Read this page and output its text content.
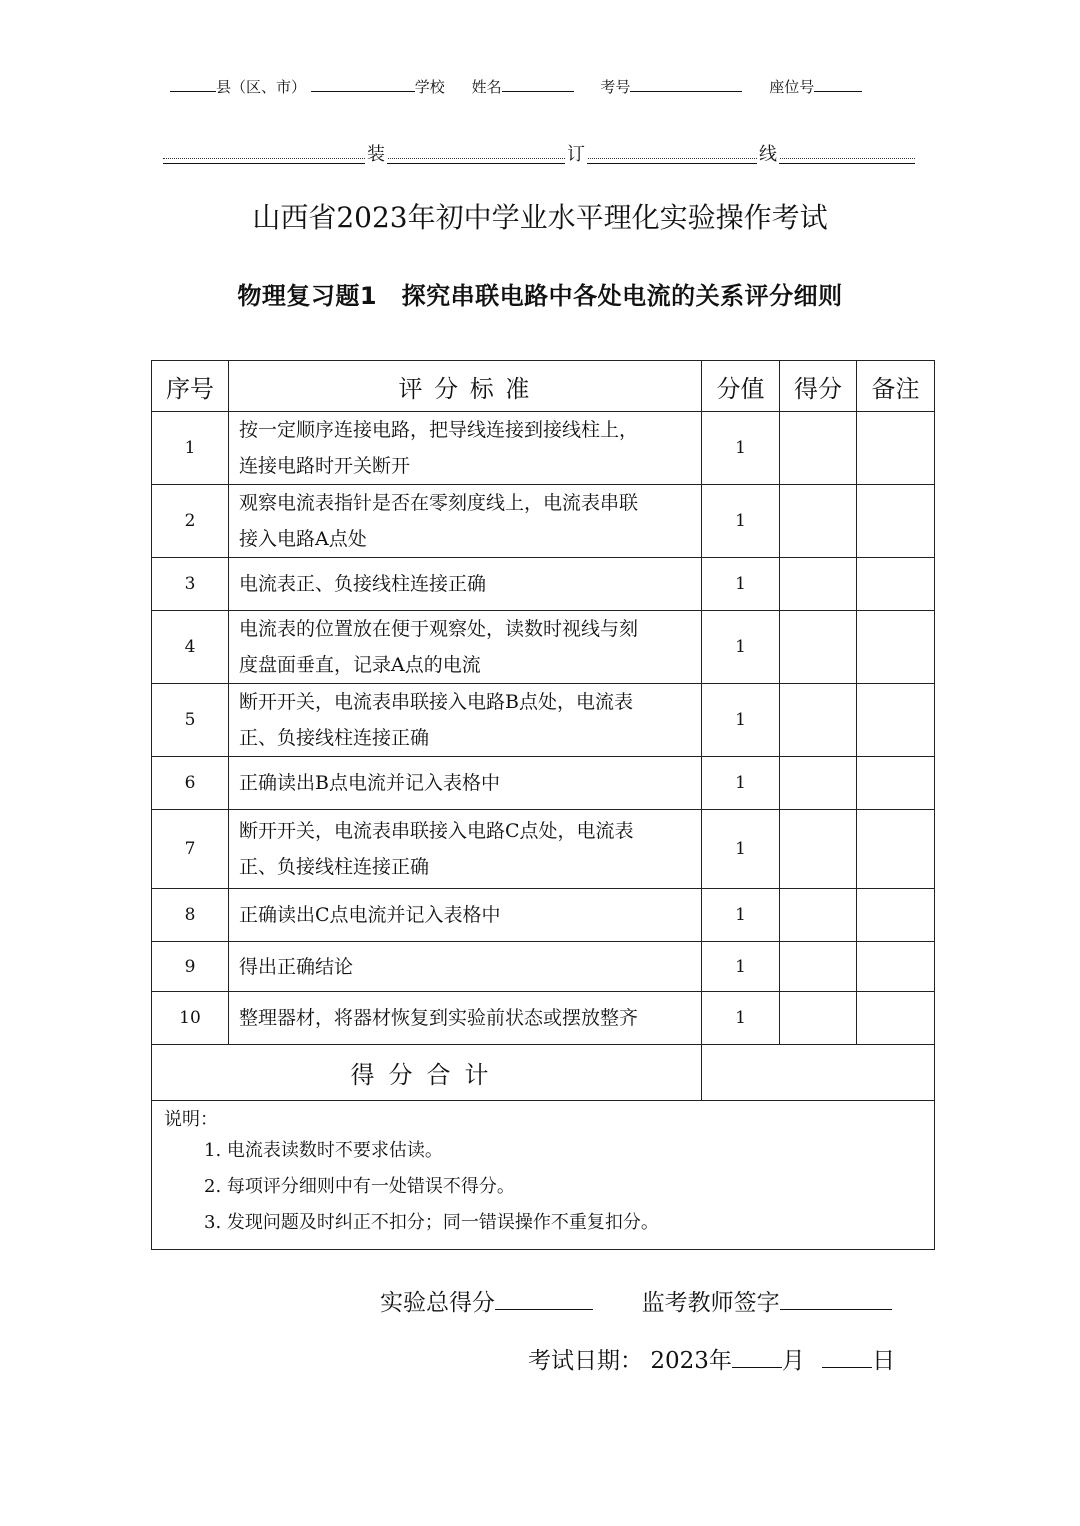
县（区、市）	学校 姓名	考号	座位号
装	订	线
山西省2023年初中学业水平理化实验操作考试
物理复习题1　探究串联电路中各处电流的关系评分细则
序号	评 分 标 准	分值	得分	备注
1	按一定顺序连接电路，把导线连接到接线柱上，
连接电路时开关断开	1		
2	观察电流表指针是否在零刻度线上，电流表串联
接入电路A点处	1		
3	电流表正、负接线柱连接正确	1		
4	电流表的位置放在便于观察处，读数时视线与刻
度盘面垂直，记录A点的电流	1		
5	断开开关，电流表串联接入电路B点处，电流表
正、负接线柱连接正确	1		
6	正确读出B点电流并记入表格中	1		
7	断开开关，电流表串联接入电路C点处，电流表
正、负接线柱连接正确	1		
8	正确读出C点电流并记入表格中	1		
9	得出正确结论	1		
10	整理器材，将器材恢复到实验前状态或摆放整齐	1		
得分合计				

说明：
1. 电流表读数时不要求估读。
2. 每项评分细则中有一处错误不得分。
3. 发现问题及时纠正不扣分；同一错误操作不重复扣分。				
实验总得分	监考教师签字
考试日期： 2023年 月	日
